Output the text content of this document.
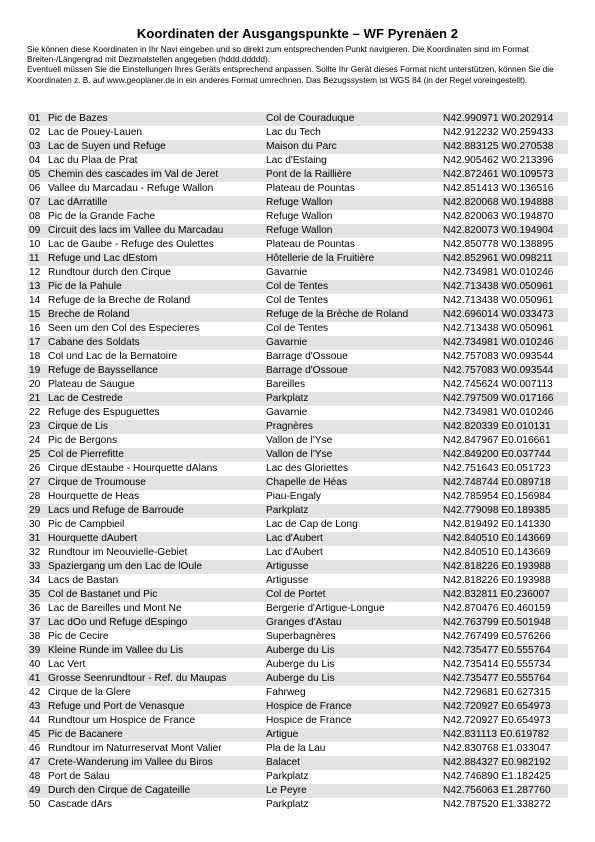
Koordinaten der Ausgangspunkte – WF Pyrenäen 2

Sie können diese Koordinaten in Ihr Navi eingeben und so direkt zum entsprechenden Punkt navigieren. Die Koordinaten sind im Format Breiten-/Längengrad mit Dezimalstellen angegeben (hddd.ddddd).

Eventuell müssen Sie die Einstellungen Ihres Geräts entsprechend anpassen. Sollte Ihr Gerät dieses Format nicht unterstützen, können Sie die Koordinaten z. B. auf www.geoplaner.de in ein anderes Format umrechnen. Das Bezugssystem ist WGS 84 (in der Regel voreingestellt).

01 Pic de Bazes	Col de Couraduque	N42.990971 W0.202914
02 Lac de Pouey-Lauen	Lac du Tech	N42.912232 W0.259433
03 Lac de Suyen und Refuge	Maison du Parc	N42.883125 W0.270538
04 Lac du Plaa de Prat	Lac d'Estaing	N42.905462 W0.213396
05 Chemin des cascades im Val de Jeret	Pont de la Raillière	N42.872461 W0.109573
06 Vallee du Marcadau - Refuge Wallon	Plateau de Pountas	N42.851413 W0.136516
07 Lac dArratille	Refuge Wallon	N42.820068 W0.194888
08 Pic de la Grande Fache	Refuge Wallon	N42.820063 W0.194870
09 Circuit des lacs im Vallee du Marcadau	Refuge Wallon	N42.820073 W0.194904
10 Lac de Gaube - Refuge des Oulettes	Plateau de Pountas	N42.850778 W0.138895
11 Refuge und Lac dEstom	Hôtellerie de la Fruitière	N42.852961 W0.098211
12 Rundtour durch den Cirque	Gavarnie	N42.734981 W0.010246
13 Pic de la Pahule	Col de Tentes	N42.713438 W0.050961
14 Refuge de la Breche de Roland	Col de Tentes	N42.713438 W0.050961
15 Breche de Roland	Refuge de la Brèche de Roland	N42.696014 W0.033473
16 Seen um den Col des Especieres	Col de Tentes	N42.713438 W0.050961
17 Cabane des Soldats	Gavarnie	N42.734981 W0.010246
18 Col und Lac de la Bernatoire	Barrage d'Ossoue	N42.757083 W0.093544
19 Refuge de Bayssellance	Barrage d'Ossoue	N42.757083 W0.093544
20 Plateau de Saugue	Bareilles	N42.745624 W0.007113
21 Lac de Cestrede	Parkplatz	N42.797509 W0.017166
22 Refuge des Espuguettes	Gavarnie	N42.734981 W0.010246
23 Cirque de Lis	Pragnères	N42.820339 E0.010131
24 Pic de Bergons	Vallon de l'Yse	N42.847967 E0.016661
25 Col de Pierrefitte	Vallon de l'Yse	N42.849200 E0.037744
26 Cirque dEstaube - Hourquette dAlans	Lac des Gloriettes	N42.751643 E0.051723
27 Cirque de Troumouse	Chapelle de Héas	N42.748744 E0.089718
28 Hourquette de Heas	Piau-Engaly	N42.785954 E0.156984
29 Lacs und Refuge de Barroude	Parkplatz	N42.779098 E0.189385
30 Pic de Campbieil	Lac de Cap de Long	N42.819492 E0.141330
31 Hourquette dAubert	Lac d'Aubert	N42.840510 E0.143669
32 Rundtour im Neouvielle-Gebiet	Lac d'Aubert	N42.840510 E0.143669
33 Spaziergang um den Lac de lOule	Artigusse	N42.818226 E0.193988
34 Lacs de Bastan	Artigusse	N42.818226 E0.193988
35 Col de Bastanet und Pic	Col de Portet	N42.832811 E0.236007
36 Lac de Bareilles und Mont Ne	Bergerie d'Artigue-Longue	N42.870476 E0.460159
37 Lac dOo und Refuge dEspingo	Granges d'Astau	N42.763799 E0.501948
38 Pic de Cecire	Superbagnères	N42.767499 E0.576266
39 Kleine Runde im Vallee du Lis	Auberge du Lis	N42.735477 E0.555764
40 Lac Vert	Auberge du Lis	N42.735414 E0.555734
41 Grosse Seenrundtour - Ref. du Maupas	Auberge du Lis	N42.735477 E0.555764
42 Cirque de la Glere	Fahrweg	N42.729681 E0.627315
43 Refuge und Port de Venasque	Hospice de France	N42.720927 E0.654973
44 Rundtour um Hospice de France	Hospice de France	N42.720927 E0.654973
45 Pic de Bacanere	Artigue	N42.831113 E0.619782
46 Rundtour im Naturreservat Mont Valier	Pla de la Lau	N42.830768 E1.033047
47 Crete-Wanderung im Vallee du Biros	Balacet	N42.884327 E0.982192
48 Port de Salau	Parkplatz	N42.746890 E1.182425
49 Durch den Cirque de Cagateille	Le Peyre	N42.756063 E1.287760
50 Cascade dArs	Parkplatz	N42.787520 E1.338272
